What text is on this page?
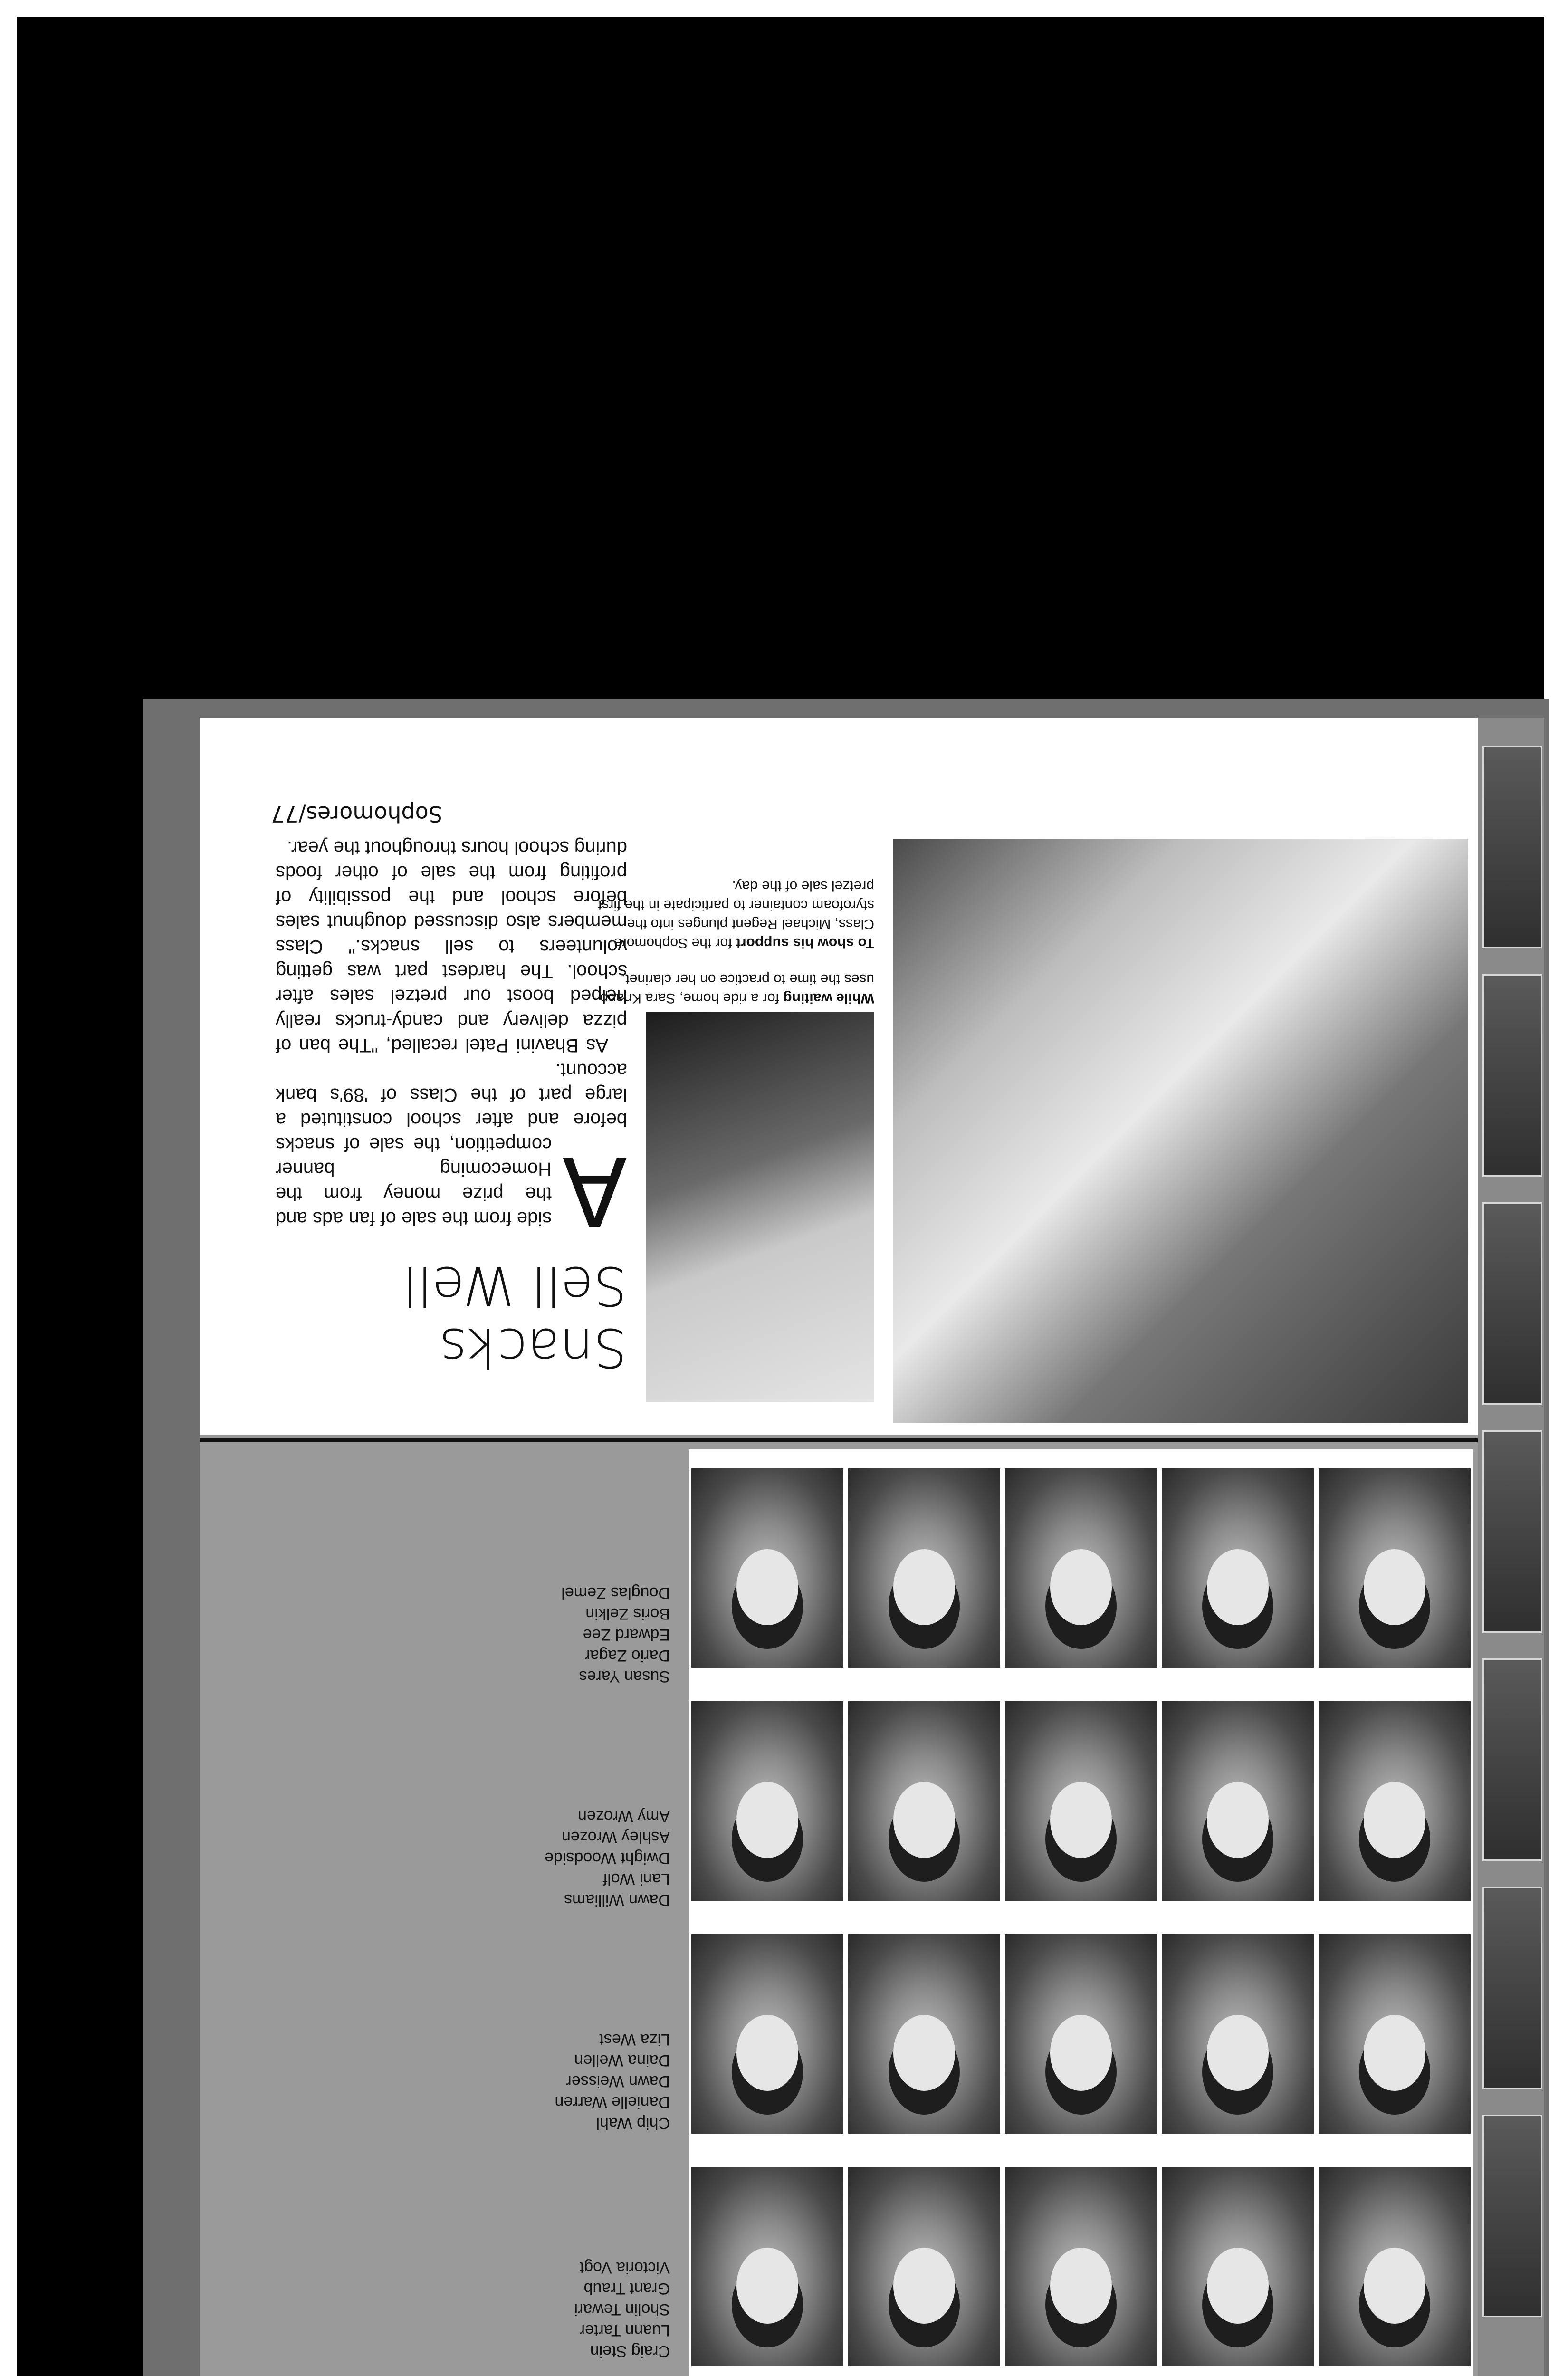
Craig Stein
Luann Tarter
Sholin Tewari
Grant Traub
Victoria Vogt
Chip Wahl
Danielle Warren
Dawn Weisser
Daina Wellen
Liza West
Dawn Williams
Lani Wolf
Dwight Woodside
Ashley Wrozen
Amy Wrozen
Susan Yares
Dario Zagar
Edward Zee
Boris Zelkin
Douglas Zemel

While waiting for a ride home, Sara Knapp uses the time to practice on her clarinet.

To show his support for the Sophomore Class, Michael Regent plunges into the styrofoam container to participate in the first pretzel sale of the day.

Snacks
Sell Well
A
side from the sale of fan ads and the prize money from the Homecoming banner competition, the sale of snacks before and after school constituted a large part of the Class of '89's bank account.
As Bhavini Patel recalled, ''The ban of pizza delivery and candy-trucks really helped boost our pretzel sales after school. The hardest part was getting volunteers to sell snacks.'' Class members also discussed doughnut sales before school and the possibility of profiting from the sale of other foods during school hours throughout the year.
Sophomores/77
